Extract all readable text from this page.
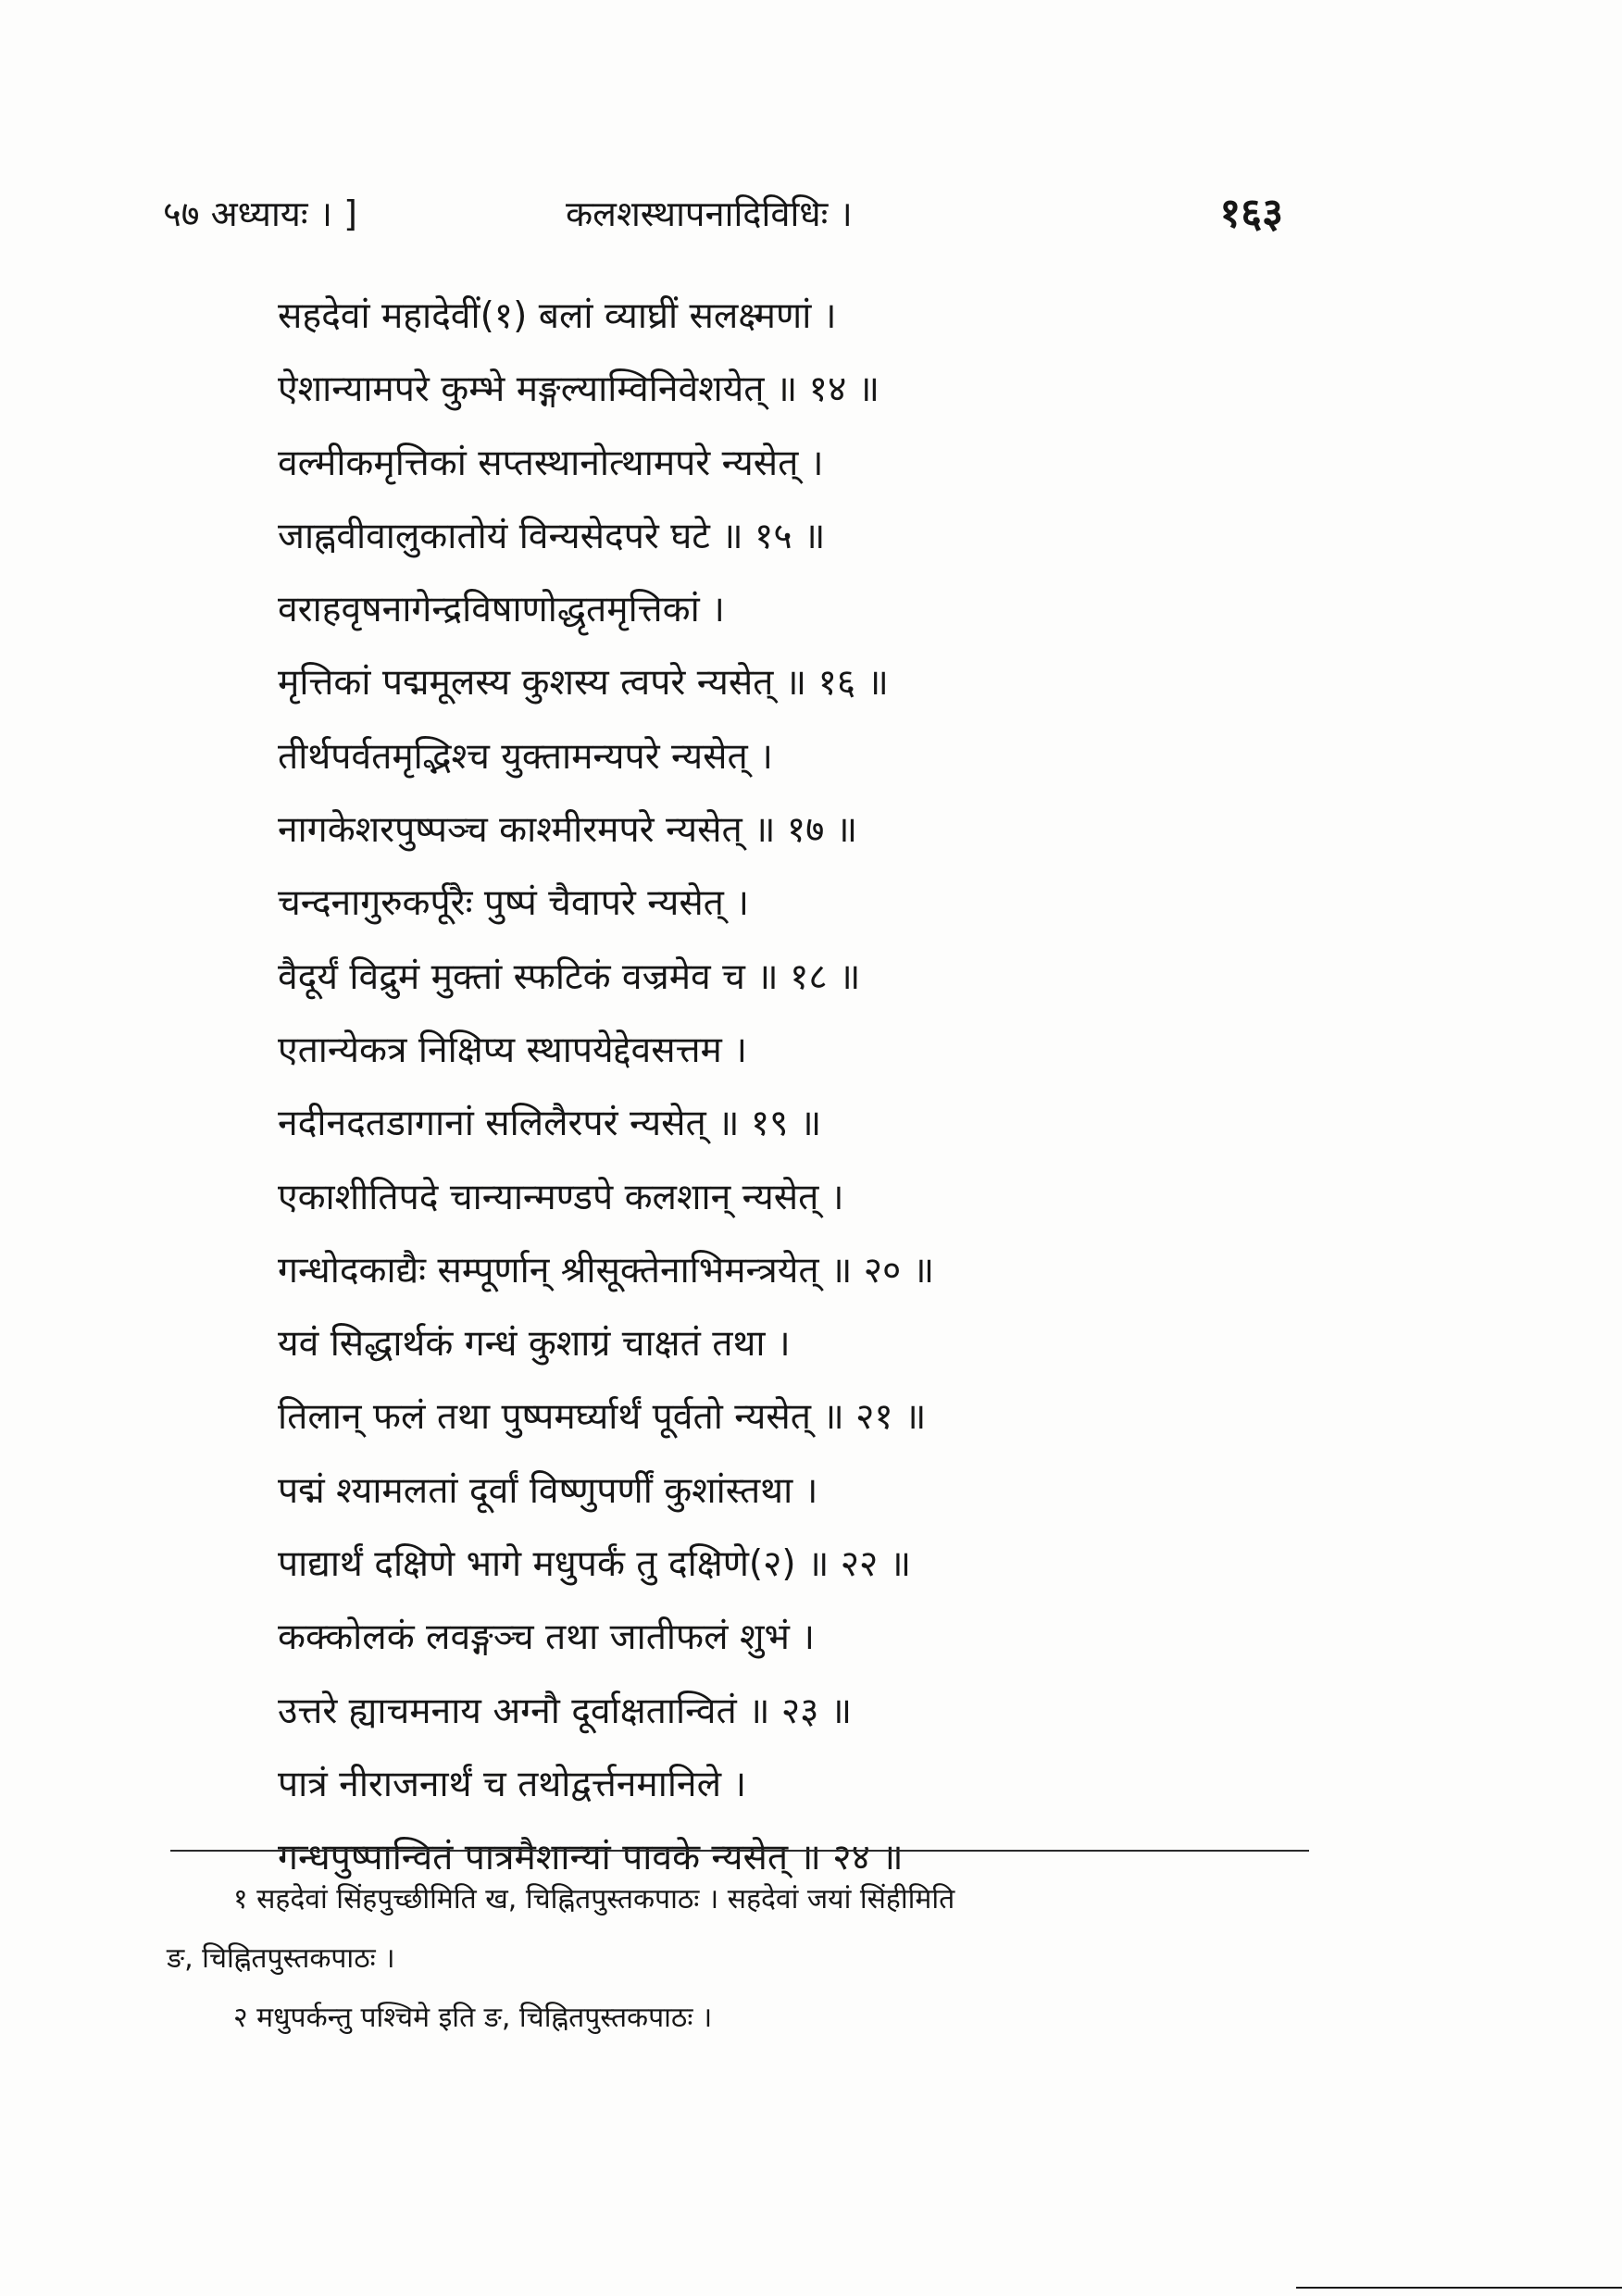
५७ अध्यायः । ]	कलशस्थापनादिविधिः ।	१६३
सहदेवां महादेवीं(१) बलां व्याघ्रीं सलक्ष्मणां ।
ऐशान्यामपरे कुम्भे मङ्गल्याम्विनिवेशयेत् ॥ १४ ॥
वल्मीकमृत्तिकां सप्तस्थानोत्थामपरे न्यसेत् ।
जाह्नवीवालुकातोयं विन्यसेदपरे घटे ॥ १५ ॥
वराहवृषनागेन्द्रविषाणोद्धृतमृत्तिकां ।
मृत्तिकां पद्ममूलस्य कुशस्य त्वपरे न्यसेत् ॥ १६ ॥
तीर्थपर्वतमृद्भिश्च युक्तामन्यपरे न्यसेत् ।
नागकेशरपुष्पञ्च काश्मीरमपरे न्यसेत् ॥ १७ ॥
चन्दनागुरुकर्पूरैः पुष्पं चैवापरे न्यसेत् ।
वैदूर्यं विद्रुमं मुक्तां स्फटिकं वज्रमेव च ॥ १८ ॥
एतान्येकत्र निक्षिप्य स्थापयेद्देवसत्तम ।
नदीनदतडागानां सलिलैरपरं न्यसेत् ॥ १९ ॥
एकाशीतिपदे चान्यान्मण्डपे कलशान् न्यसेत् ।
गन्धोदकाद्यैः सम्पूर्णान् श्रीसूक्तेनाभिमन्त्रयेत् ॥ २० ॥
यवं सिद्धार्थकं गन्धं कुशाग्रं चाक्षतं तथा ।
तिलान् फलं तथा पुष्पमर्घ्यार्थं पूर्वतो न्यसेत् ॥ २१ ॥
पद्मं श्यामलतां दूर्वां विष्णुपर्णीं कुशांस्तथा ।
पाद्यार्थं दक्षिणे भागे मधुपर्कं तु दक्षिणे(२) ॥ २२ ॥
कक्कोलकं लवङ्गञ्च तथा जातीफलं शुभं ।
उत्तरे ह्याचमनाय अग्नौ दूर्वाक्षतान्वितं ॥ २३ ॥
पात्रं नीराजनार्थं च तथोद्वर्त्तनमानिले ।
गन्धपुष्पान्वितं पात्रमैशान्यां पावके न्यसेत् ॥ २४ ॥
१ सहदेवां सिंहपुच्छीमिति ख, चिह्नितपुस्तकपाठः । सहदेवां जयां सिंहीमिति
ङ, चिह्नितपुस्तकपाठः ।
२ मधुपर्कन्तु पश्चिमे इति ङ, चिह्नितपुस्तकपाठः ।
